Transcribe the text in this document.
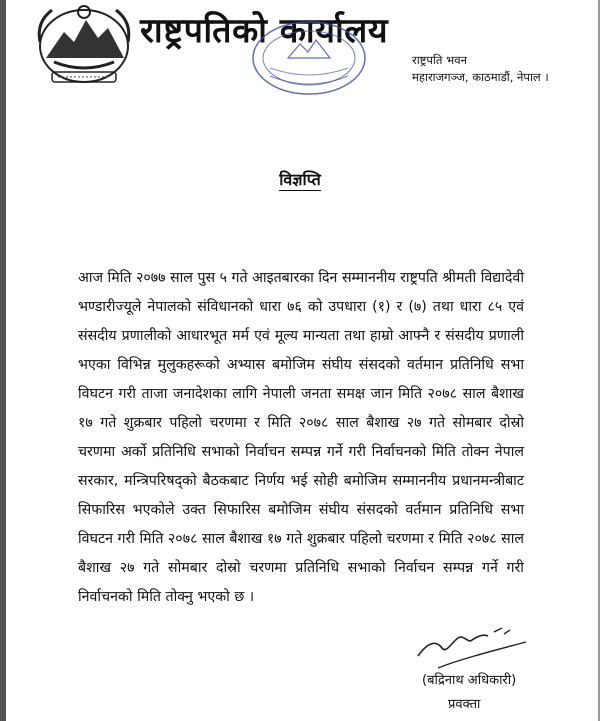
राष्ट्रपतिको कार्यालय
राष्ट्रपति भवन
महाराजगञ्ज, काठमाडौं, नेपाल ।
विज्ञप्ति
आज मिति २०७७ साल पुस ५ गते आइतबारका दिन सम्माननीय राष्ट्रपति श्रीमती विद्यादेवी भण्डारीज्यूले नेपालको संविधानको धारा ७६ को उपधारा (१) र (७) तथा धारा ८५ एवं संसदीय प्रणालीको आधारभूत मर्म एवं मूल्य मान्यता तथा हाम्रो आफ्नै र संसदीय प्रणाली भएका विभिन्न मुलुकहरूको अभ्यास बमोजिम संघीय संसदको वर्तमान प्रतिनिधि सभा विघटन गरी ताजा जनादेशका लागि नेपाली जनता समक्ष जान मिति २०७८ साल बैशाख १७ गते शुक्रबार पहिलो चरणमा र मिति २०७८ साल बैशाख २७ गते सोमबार दोस्रो चरणमा अर्को प्रतिनिधि सभाको निर्वाचन सम्पन्न गर्ने गरी निर्वाचनको मिति तोक्न नेपाल सरकार, मन्त्रिपरिषद्को बैठकबाट निर्णय भई सोही बमोजिम सम्माननीय प्रधानमन्त्रीबाट सिफारिस भएकोले उक्त सिफारिस बमोजिम संघीय संसदको वर्तमान प्रतिनिधि सभा विघटन गरी मिति २०७८ साल बैशाख १७ गते शुक्रबार पहिलो चरणमा र मिति २०७८ साल बैशाख २७ गते सोमबार दोस्रो चरणमा प्रतिनिधि सभाको निर्वाचन सम्पन्न गर्ने गरी निर्वाचनको मिति तोक्नु भएको छ ।
(बद्रिनाथ अधिकारी)
प्रवक्ता
